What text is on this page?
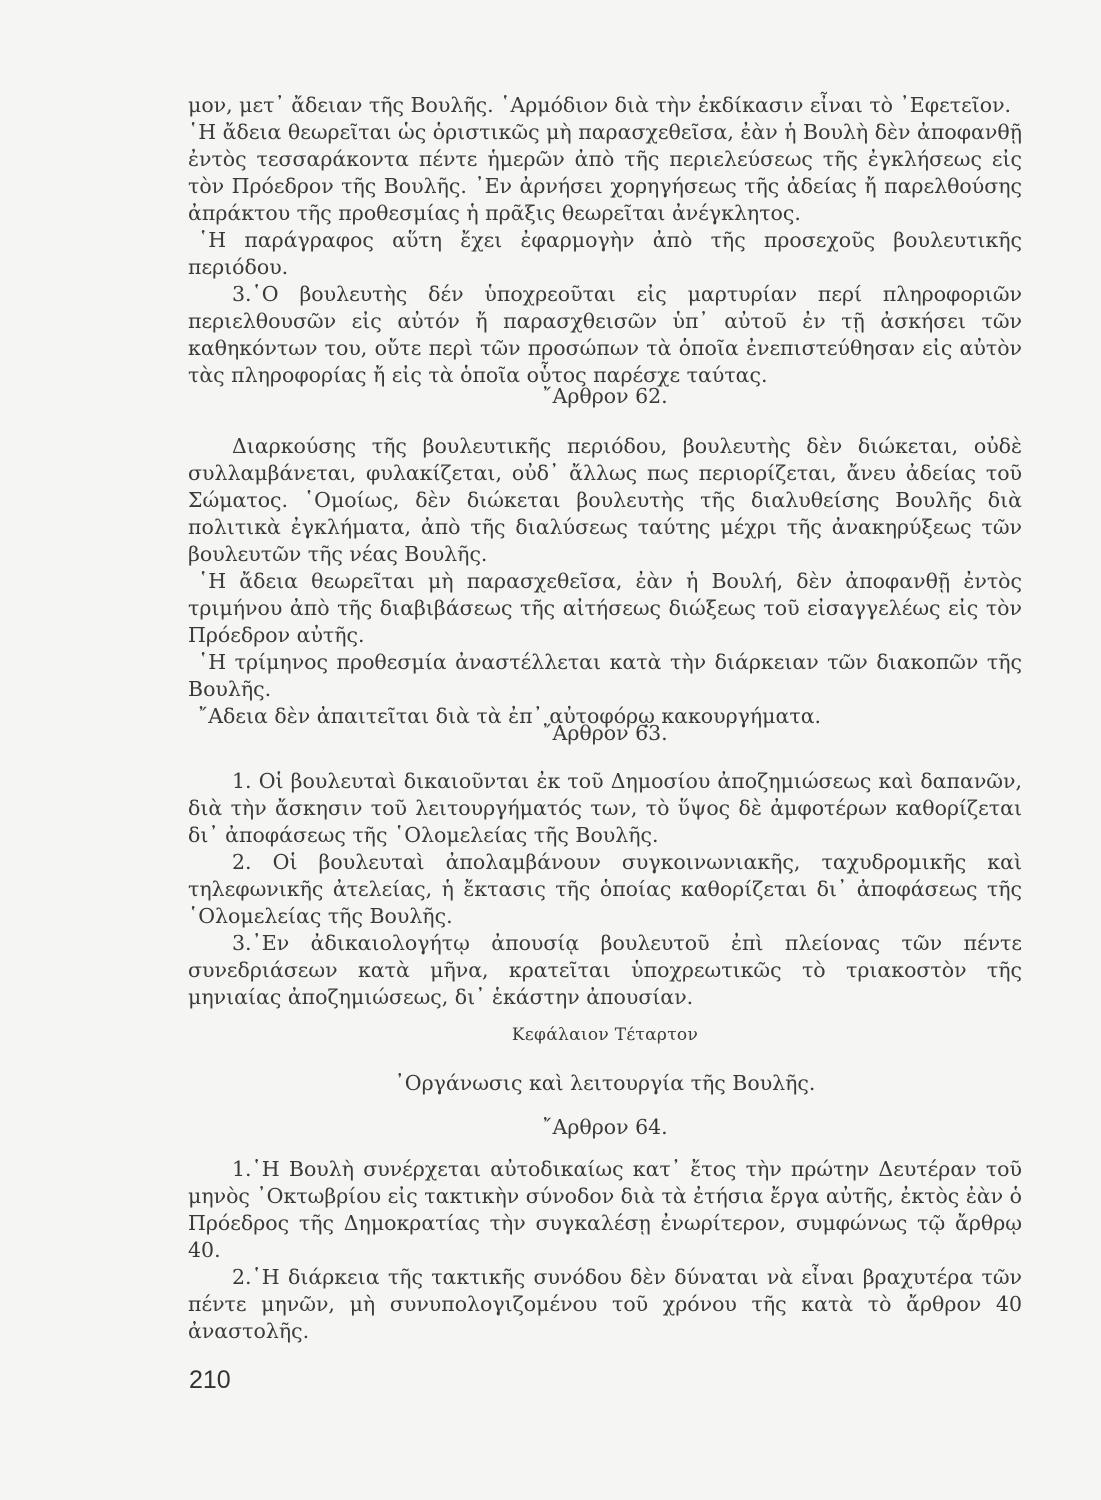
μον, μετ᾽ ἄδειαν τῆς Βουλῆς. ῾Αρμόδιον διὰ τὴν ἐκδίκασιν εἶναι τὸ ᾽Εφετεῖον.

῾Η ἄδεια θεωρεῖται ὡς ὁριστικῶς μὴ παρασχεθεῖσα, ἐὰν ἡ Βουλὴ δὲν ἀποφανθῇ ἐντὸς τεσσαράκοντα πέντε ἡμερῶν ἀπὸ τῆς περιελεύσεως τῆς ἐγκλήσεως εἰς τὸν Πρόεδρον τῆς Βουλῆς. ᾽Εν ἀρνήσει χορηγήσεως τῆς ἀδείας ἤ παρελθούσης ἀπράκτου τῆς προθεσμίας ἡ πρᾶξις θεωρεῖται ἀνέγκλητος.

῾Η παράγραφος αὕτη ἔχει ἐφαρμογὴν ἀπὸ τῆς προσεχοῦς βουλευτικῆς περιόδου.

3.῾Ο βουλευτὴς δέν ὑποχρεοῦται εἰς μαρτυρίαν περί πληροφοριῶν περιελθουσῶν εἰς αὐτόν ἤ παρασχθεισῶν ὑπ᾽ αὐτοῦ ἐν τῇ ἀσκήσει τῶν καθηκόντων του, οὔτε περὶ τῶν προσώπων τὰ ὁποῖα ἐνεπιστεύθησαν εἰς αὐτὸν τὰς πληροφορίας ἤ εἰς τὰ ὁποῖα οὗτος παρέσχε ταύτας.

῎Αρθρον 62.

Διαρκούσης τῆς βουλευτικῆς περιόδου, βουλευτὴς δὲν διώκεται, οὐδὲ συλλαμβάνεται, φυλακίζεται, οὐδ᾽ ἄλλως πως περιορίζεται, ἄνευ ἀδείας τοῦ Σώματος. ῾Ομοίως, δὲν διώκεται βουλευτὴς τῆς διαλυθείσης Βουλῆς διὰ πολιτικὰ ἐγκλήματα, ἀπὸ τῆς διαλύσεως ταύτης μέχρι τῆς ἀνακηρύξεως τῶν βουλευτῶν τῆς νέας Βουλῆς.

῾Η ἄδεια θεωρεῖται μὴ παρασχεθεῖσα, ἐὰν ἡ Βουλή, δὲν ἀποφανθῇ ἐντὸς τριμήνου ἀπὸ τῆς διαβιβάσεως τῆς αἰτήσεως διώξεως τοῦ εἰσαγγελέως εἰς τὸν Πρόεδρον αὐτῆς.

῾Η τρίμηνος προθεσμία ἀναστέλλεται κατὰ τὴν διάρκειαν τῶν διακοπῶν τῆς Βουλῆς.

῎Αδεια δὲν ἀπαιτεῖται διὰ τὰ ἐπ᾽ αὐτοφόρῳ κακουργήματα.

῎Αρθρον 63.

1. Οἱ βουλευταὶ δικαιοῦνται ἐκ τοῦ Δημοσίου ἀποζημιώσεως καὶ δαπανῶν, διὰ τὴν ἄσκησιν τοῦ λειτουργήματός των, τὸ ὕψος δὲ ἀμφοτέρων καθορίζεται δι᾽ ἀποφάσεως τῆς ῾Ολομελείας τῆς Βουλῆς.

2. Οἱ βουλευταὶ ἀπολαμβάνουν συγκοινωνιακῆς, ταχυδρομικῆς καὶ τηλεφωνικῆς ἀτελείας, ἡ ἔκτασις τῆς ὁποίας καθορίζεται δι᾽ ἀποφάσεως τῆς ῾Ολομελείας τῆς Βουλῆς.

3.᾽Εν ἀδικαιολογήτῳ ἀπουσίᾳ βουλευτοῦ ἐπὶ πλείονας τῶν πέντε συνεδριάσεων κατὰ μῆνα, κρατεῖται ὑποχρεωτικῶς τὸ τριακοστὸν τῆς μηνιαίας ἀποζημιώσεως, δι᾽ ἑκάστην ἀπουσίαν.

Κεφάλαιον Τέταρτον

᾽Οργάνωσις καὶ λειτουργία τῆς Βουλῆς.

῎Αρθρον 64.

1.῾Η Βουλὴ συνέρχεται αὐτοδικαίως κατ᾽ ἔτος τὴν πρώτην Δευτέραν τοῦ μηνὸς ᾽Οκτωβρίου εἰς τακτικὴν σύνοδον διὰ τὰ ἐτήσια ἔργα αὐτῆς, ἐκτὸς ἐὰν ὁ Πρόεδρος τῆς Δημοκρατίας τὴν συγκαλέσῃ ἐνωρίτερον, συμφώνως τῷ ἄρθρῳ 40.

2.῾Η διάρκεια τῆς τακτικῆς συνόδου δὲν δύναται νὰ εἶναι βραχυτέρα τῶν πέντε μηνῶν, μὴ συνυπολογιζομένου τοῦ χρόνου τῆς κατὰ τὸ ἄρθρον 40 ἀναστολῆς.

210
